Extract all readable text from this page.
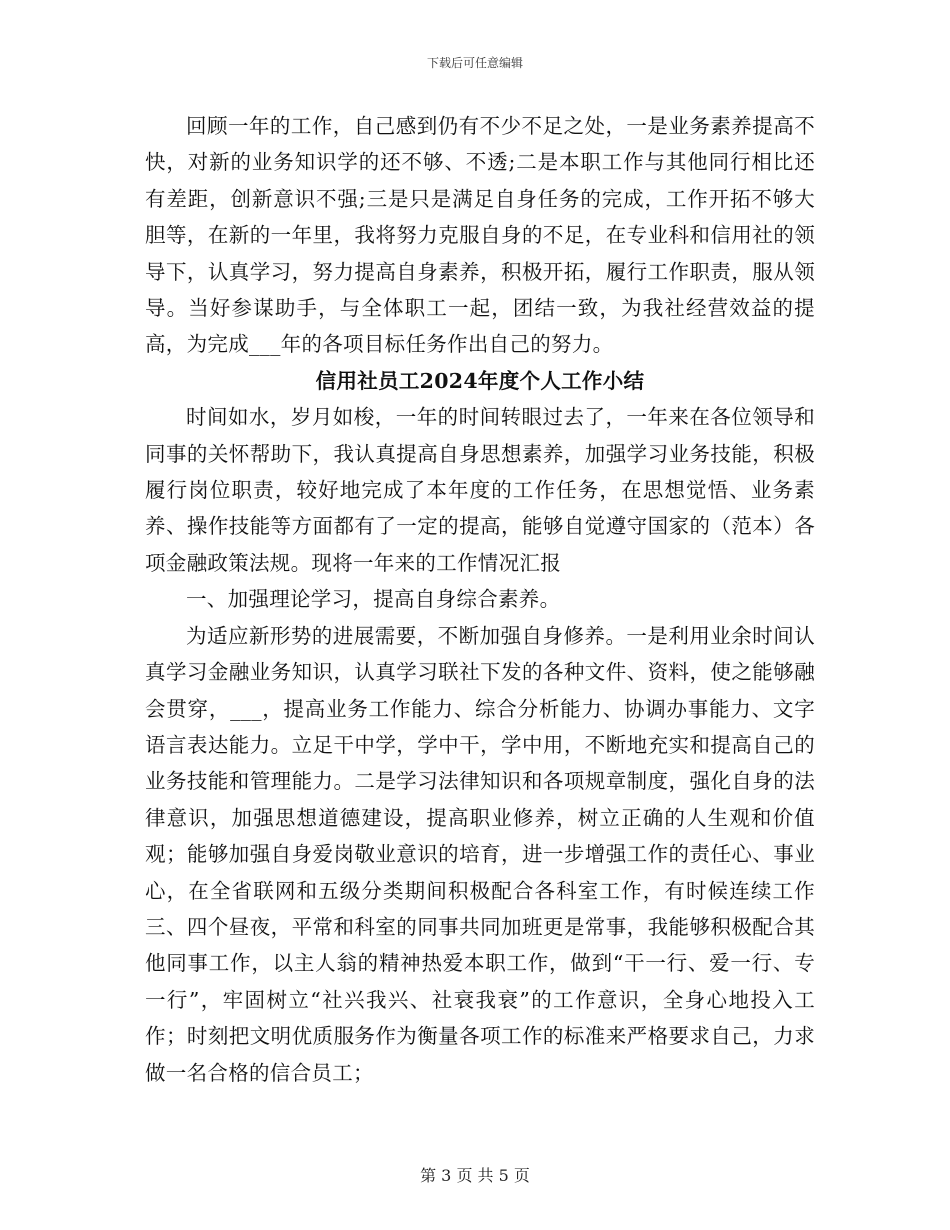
下载后可任意编辑

回顾一年的工作，自己感到仍有不少不足之处，一是业务素养提高不快，对新的业务知识学的还不够、不透;二是本职工作与其他同行相比还有差距，创新意识不强;三是只是满足自身任务的完成，工作开拓不够大胆等，在新的一年里，我将努力克服自身的不足，在专业科和信用社的领导下，认真学习，努力提高自身素养，积极开拓，履行工作职责，服从领导。当好参谋助手，与全体职工一起，团结一致，为我社经营效益的提高，为完成___年的各项目标任务作出自己的努力。

信用社员工2024年度个人工作小结

时间如水，岁月如梭，一年的时间转眼过去了，一年来在各位领导和同事的关怀帮助下，我认真提高自身思想素养，加强学习业务技能，积极履行岗位职责，较好地完成了本年度的工作任务，在思想觉悟、业务素养、操作技能等方面都有了一定的提高，能够自觉遵守国家的（范本）各项金融政策法规。现将一年来的工作情况汇报

一、加强理论学习，提高自身综合素养。

为适应新形势的进展需要，不断加强自身修养。一是利用业余时间认真学习金融业务知识，认真学习联社下发的各种文件、资料，使之能够融会贯穿，___，提高业务工作能力、综合分析能力、协调办事能力、文字语言表达能力。立足干中学，学中干，学中用，不断地充实和提高自己的业务技能和管理能力。二是学习法律知识和各项规章制度，强化自身的法律意识，加强思想道德建设，提高职业修养，树立正确的人生观和价值观；能够加强自身爱岗敬业意识的培育，进一步增强工作的责任心、事业心，在全省联网和五级分类期间积极配合各科室工作，有时候连续工作三、四个昼夜，平常和科室的同事共同加班更是常事，我能够积极配合其他同事工作，以主人翁的精神热爱本职工作，做到“干一行、爱一行、专一行”，牢固树立“社兴我兴、社衰我衰”的工作意识，全身心地投入工作；时刻把文明优质服务作为衡量各项工作的标准来严格要求自己，力求做一名合格的信合员工；

第 3 页 共 5 页
